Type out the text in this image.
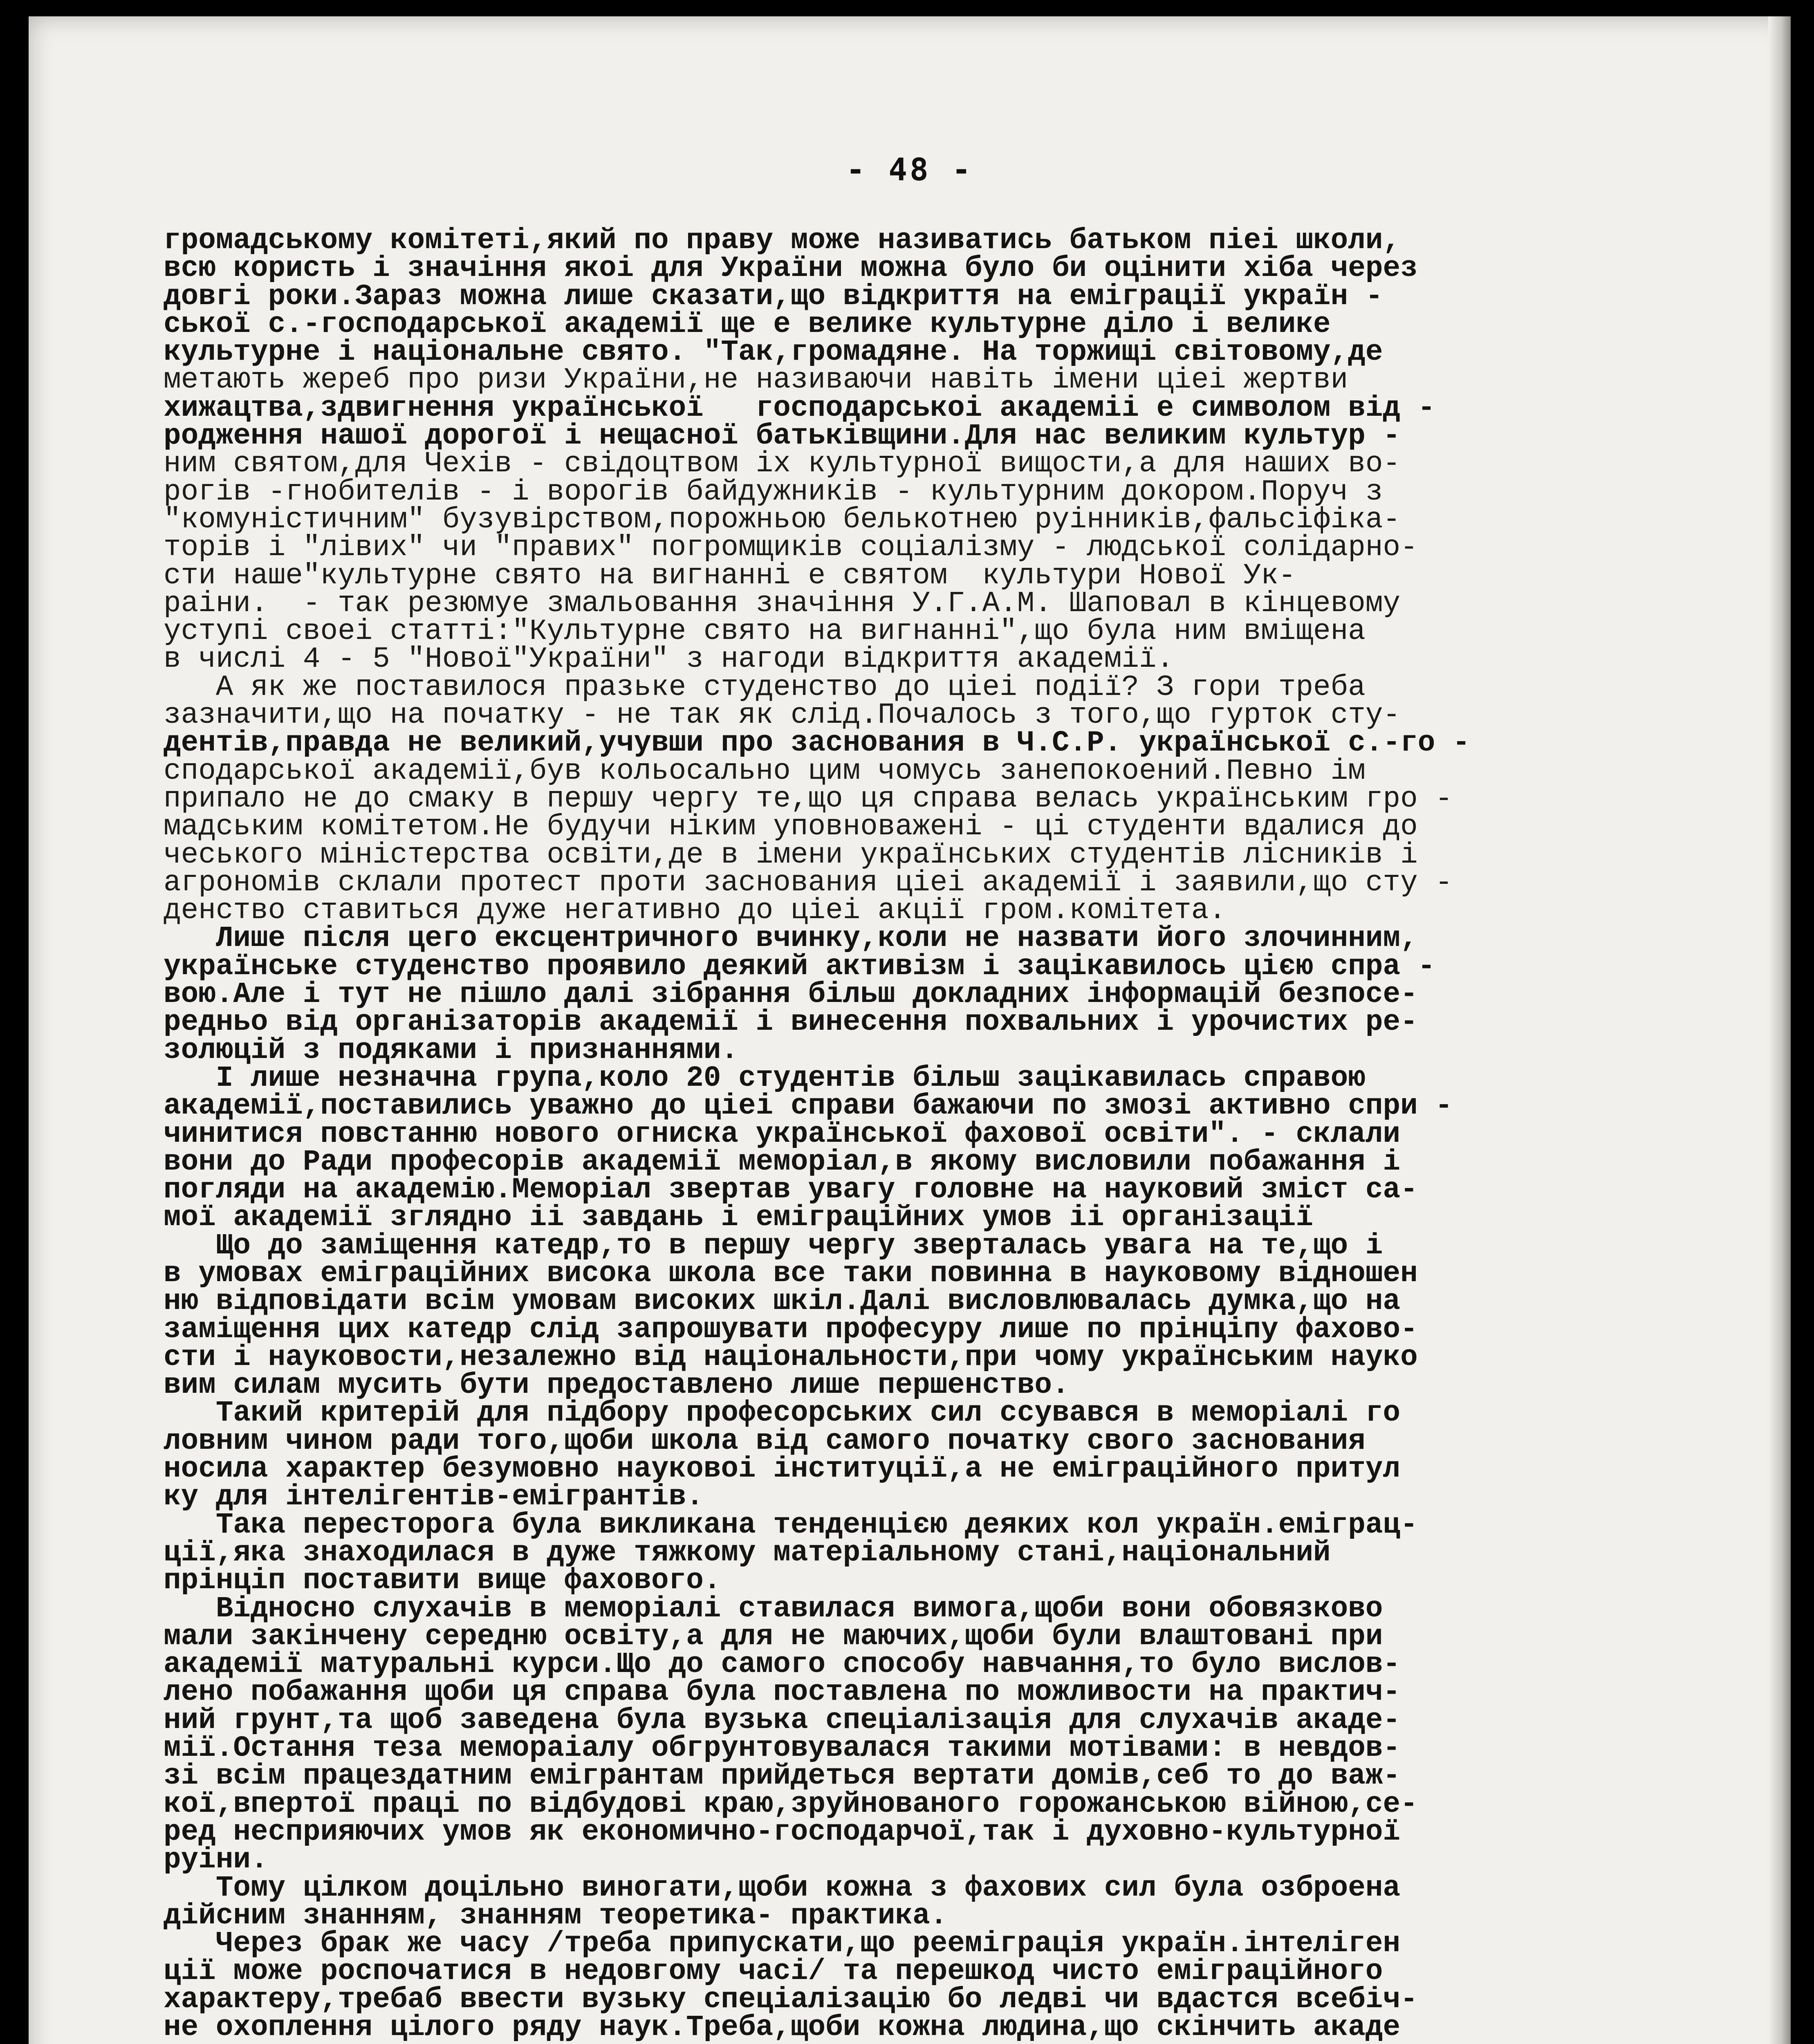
- 48 -
громадському комітеті,який по праву може називатись батьком піеі школи,
всю користь і значіння якоі для України можна було би оцінити хіба через
довгі роки.Зараз можна лише сказати,що відкриття на еміграції україн -
ської с.-господарської академії ще е велике культурне діло і велике
культурне і національне свято. "Так,громадяне. На торжищі світовому,де
метають жереб про ризи України,не називаючи навіть імени ціеі жертви
хижацтва,здвигнення української   господарськоі академіі е символом від -
родження нашої дорогої і нещасної батьківщини.Для нас великим культур -
ним святом,для Чехів - свідоцтвом іх культурної вищости,а для наших во-
рогів -гнобителів - і ворогів байдужників - культурним докором.Поруч з
"комуністичним" бузувірством,порожньою белькотнею руінників,фальсіфіка-
торів і "лівих" чи "правих" погромщиків соціалізму - людської солідарно-
сти наше"культурне свято на вигнанні е святом  культури Нової Ук-
раіни.  - так резюмуе змальовання значіння У.Г.А.М. Шаповал в кінцевому
уступі своеі статті:"Культурне свято на вигнанні",що була ним вміщена
в числі 4 - 5 "Нової"України" з нагоди відкриття академії.
А як же поставилося празьке студенство до ціеі події? З гори треба
зазначити,що на початку - не так як слід.Почалось з того,що гурток сту-
дентів,правда не великий,учувши про заснования в Ч.С.Р. української с.-го -
сподарської академії,був кольосально цим чомусь занепокоений.Певно ім
припало не до смаку в першу чергу те,що ця справа велась українським гро -
мадським комітетом.Не будучи ніким уповноважені - ці студенти вдалися до
чеського міністерства освіти,де в імени українських студентів лісників і
агрономів склали протест проти заснования ціеі академії і заявили,що сту -
денство ставиться дуже негативно до ціеі акції гром.комітета.
Лише після цего ексцентричного вчинку,коли не назвати його злочинним,
українське студенство проявило деякий активізм і зацікавилось цією спра -
вою.Але і тут не пішло далі зібрання більш докладних інформацій безпосе-
редньо від організаторів академії і винесення похвальних і урочистих ре-
золюцій з подяками і признаннями.
І лише незначна група,коло 20 студентів більш зацікавилась справою
академії,поставились уважно до ціеі справи бажаючи по змозі активно спри -
чинитися повстанню нового огниска української фахової освіти". - склали
вони до Ради професорів академії меморіал,в якому висловили побажання і
погляди на академію.Меморіал звертав увагу головне на науковий зміст са-
мої академії зглядно іі завдань і еміграційних умов іі організації
Що до заміщення катедр,то в першу чергу зверталась увага на те,що і
в умовах еміграційних висока школа все таки повинна в науковому відношен
ню відповідати всім умовам високих шкіл.Далі висловлювалась думка,що на
заміщення цих катедр слід запрошувати професуру лише по прінціпу фахово-
сти і науковости,незалежно від національности,при чому українським науко
вим силам мусить бути предоставлено лише першенство.
Такий критерій для підбору професорських сил ссувався в меморіалі го
ловним чином ради того,щоби школа від самого початку свого заснования
носила характер безумовно науковоі інституції,а не еміграційного притул
ку для інтелігентів-емігрантів.
Така пересторога була викликана тенденцією деяких кол україн.еміграц-
ції,яка знаходилася в дуже тяжкому матеріальному стані,національний
прінціп поставити вище фахового.
Відносно слухачів в меморіалі ставилася вимога,щоби вони обовязково
мали закінчену середню освіту,а для не маючих,щоби були влаштовані при
академії матуральні курси.Що до самого способу навчання,то було вислов-
лено побажання щоби ця справа була поставлена по можливости на практич-
ний грунт,та щоб заведена була вузька спеціалізація для слухачів акаде-
мії.Остання теза мемораіалу обгрунтовувалася такими мотівами: в невдов-
зі всім працездатним емігрантам прийдеться вертати домів,себ то до важ-
кої,впертої праці по відбудові краю,зруйнованого горожанською війною,се-
ред несприяючих умов як економично-господарчої,так і духовно-культурної
руіни.
Тому цілком доцільно виногати,щоби кожна з фахових сил була озброена
дійсним знанням, знанням теоретика- практика.
Через брак же часу /треба припускати,що реемігрaція україн.інтеліген
ції може роспочатися в недовгому часі/ та перешкод чисто еміграційного
характеру,требаб ввести вузьку спеціалізацію бо ледві чи вдастся всебіч-
не охоплення цілого ряду наук.Треба,щоби кожна людина,що скінчить акаде
